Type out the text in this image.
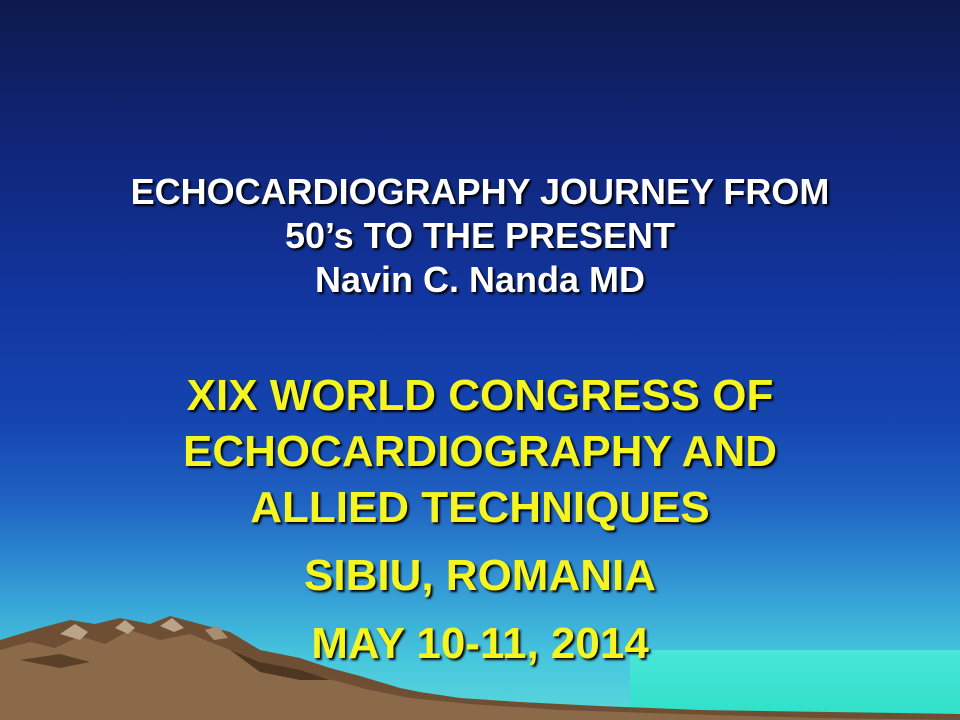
ECHOCARDIOGRAPHY JOURNEY FROM
50’s TO THE PRESENT
Navin C. Nanda MD
XIX WORLD CONGRESS OF
ECHOCARDIOGRAPHY AND
ALLIED TECHNIQUES
SIBIU, ROMANIA
MAY 10-11, 2014
